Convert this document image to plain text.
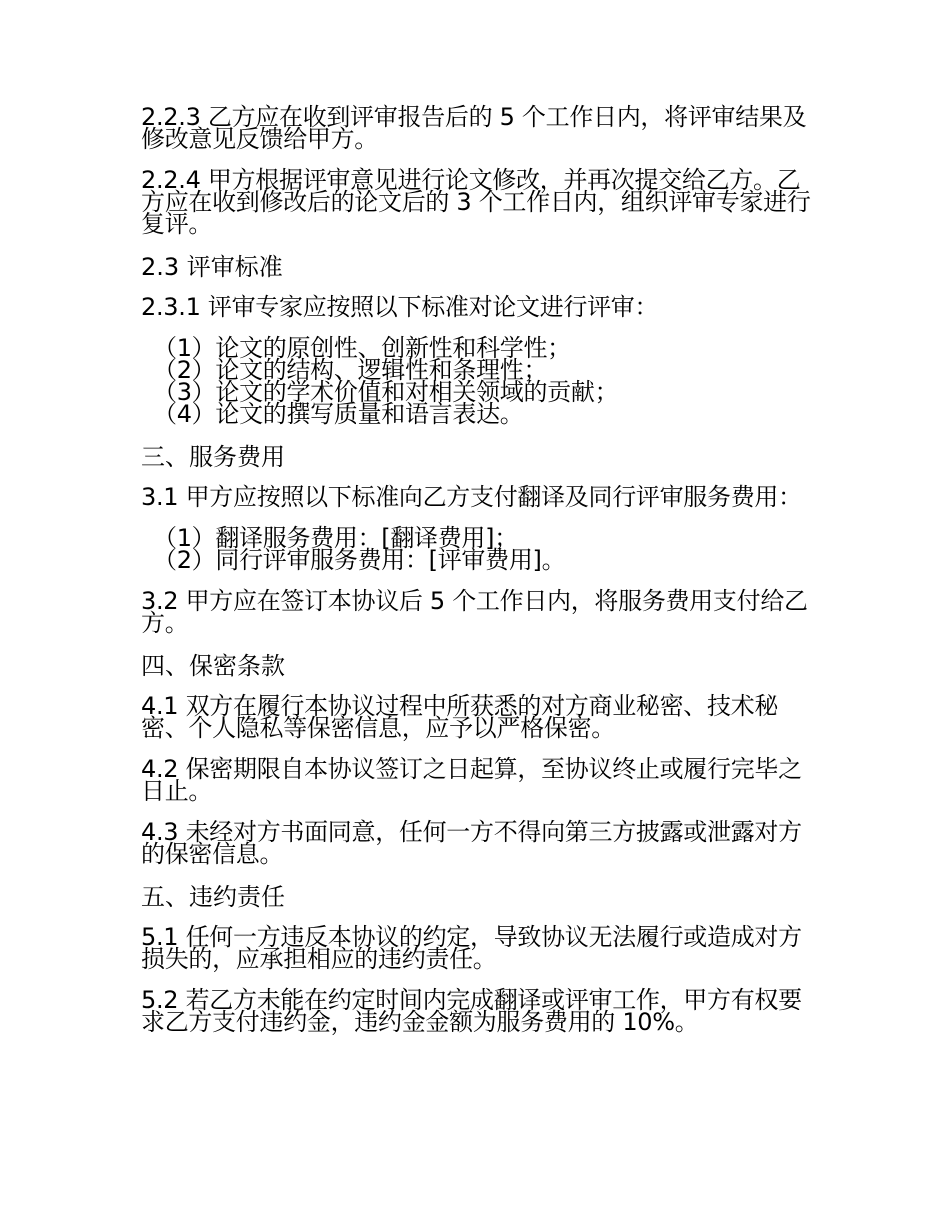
2.2.3 乙方应在收到评审报告后的 5 个工作日内，将评审结果及修改意见反馈给甲方。

2.2.4 甲方根据评审意见进行论文修改，并再次提交给乙方。乙方应在收到修改后的论文后的 3 个工作日内，组织评审专家进行复评。

2.3 评审标准

2.3.1 评审专家应按照以下标准对论文进行评审：

（1）论文的原创性、创新性和科学性；
（2）论文的结构、逻辑性和条理性；
（3）论文的学术价值和对相关领域的贡献；
（4）论文的撰写质量和语言表达。

三、服务费用

3.1 甲方应按照以下标准向乙方支付翻译及同行评审服务费用：

（1）翻译服务费用：[翻译费用]；
（2）同行评审服务费用：[评审费用]。

3.2 甲方应在签订本协议后 5 个工作日内，将服务费用支付给乙方。

四、保密条款

4.1 双方在履行本协议过程中所获悉的对方商业秘密、技术秘密、个人隐私等保密信息，应予以严格保密。

4.2 保密期限自本协议签订之日起算，至协议终止或履行完毕之日止。

4.3 未经对方书面同意，任何一方不得向第三方披露或泄露对方的保密信息。

五、违约责任

5.1 任何一方违反本协议的约定，导致协议无法履行或造成对方损失的，应承担相应的违约责任。

5.2 若乙方未能在约定时间内完成翻译或评审工作，甲方有权要求乙方支付违约金，违约金金额为服务费用的 10%。
